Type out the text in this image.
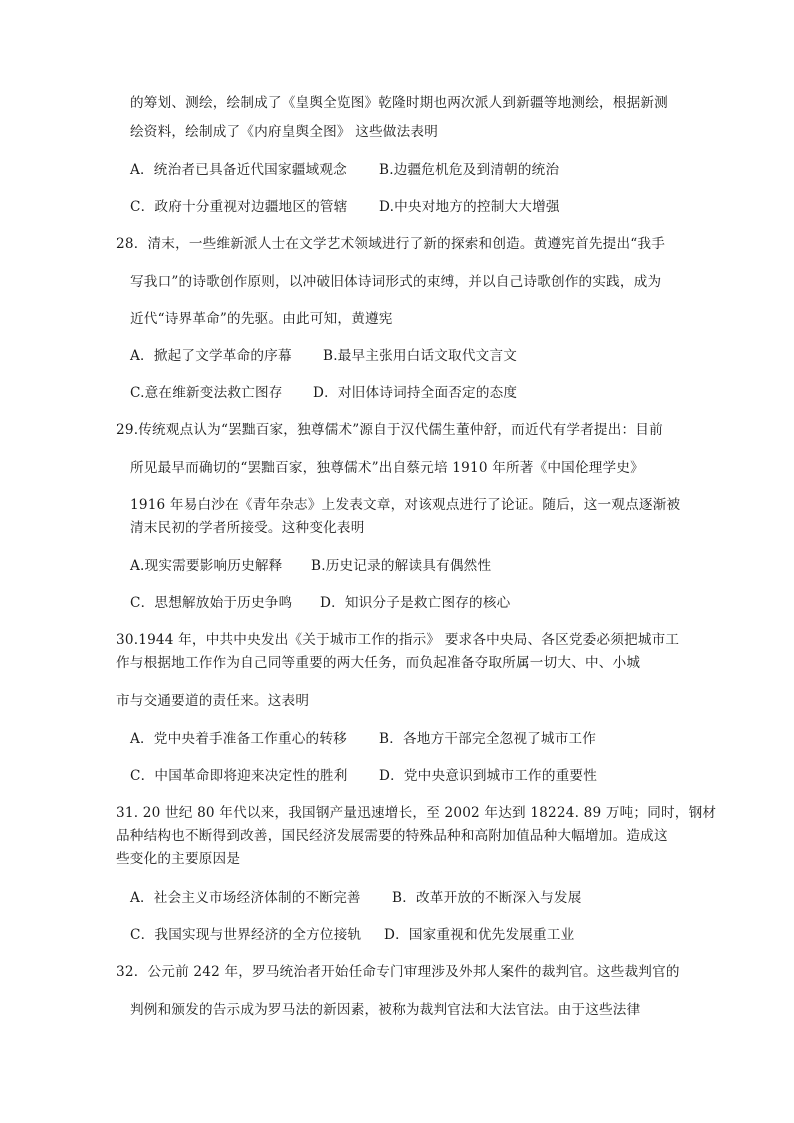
的筹划、测绘，绘制成了《皇舆全览图》乾隆时期也两次派人到新疆等地测绘，根据新测
绘资料，绘制成了《内府皇舆全图》 这些做法表明
A．统治者已具备近代国家疆域观念 B.边疆危机危及到清朝的统治
C．政府十分重视对边疆地区的管辖 D.中央对地方的控制大大增强
28．清末，一些维新派人士在文学艺术领域进行了新的探索和创造。黄遵宪首先提出“我手
写我口”的诗歌创作原则，以冲破旧体诗词形式的束缚，并以自己诗歌创作的实践，成为
近代“诗界革命”的先驱。由此可知，黄遵宪
A．掀起了文学革命的序幕 B.最早主张用白话文取代文言文
C.意在维新变法救亡图存 D．对旧体诗词持全面否定的态度
29.传统观点认为“罢黜百家，独尊儒术”源自于汉代儒生董仲舒，而近代有学者提出：目前
所见最早而确切的“罢黜百家，独尊儒术”出自蔡元培 1910 年所著《中国伦理学史》
1916 年易白沙在《青年杂志》上发表文章，对该观点进行了论证。随后，这一观点逐渐被
清末民初的学者所接受。这种变化表明
A.现实需要影响历史解释 B.历史记录的解读具有偶然性
C．思想解放始于历史争鸣 D．知识分子是救亡图存的核心
30.1944 年，中共中央发出《关于城市工作的指示》 要求各中央局、各区党委必须把城市工
作与根据地工作作为自己同等重要的两大任务，而负起准备夺取所属一切大、中、小城
市与交通要道的责任来。这表明
A．党中央着手准备工作重心的转移 B．各地方干部完全忽视了城市工作
C．中国革命即将迎来决定性的胜利 D．党中央意识到城市工作的重要性
31. 20 世纪 80 年代以来，我国钢产量迅速增长，至 2002 年达到 18224. 89 万吨；同时，钢材
品种结构也不断得到改善，国民经济发展需要的特殊品种和高附加值品种大幅增加。造成这
些变化的主要原因是
A．社会主义市场经济体制的不断完善 B．改革开放的不断深入与发展
C．我国实现与世界经济的全方位接轨 D．国家重视和优先发展重工业
32．公元前 242 年，罗马统治者开始任命专门审理涉及外邦人案件的裁判官。这些裁判官的
判例和颁发的告示成为罗马法的新因素，被称为裁判官法和大法官法。由于这些法律
